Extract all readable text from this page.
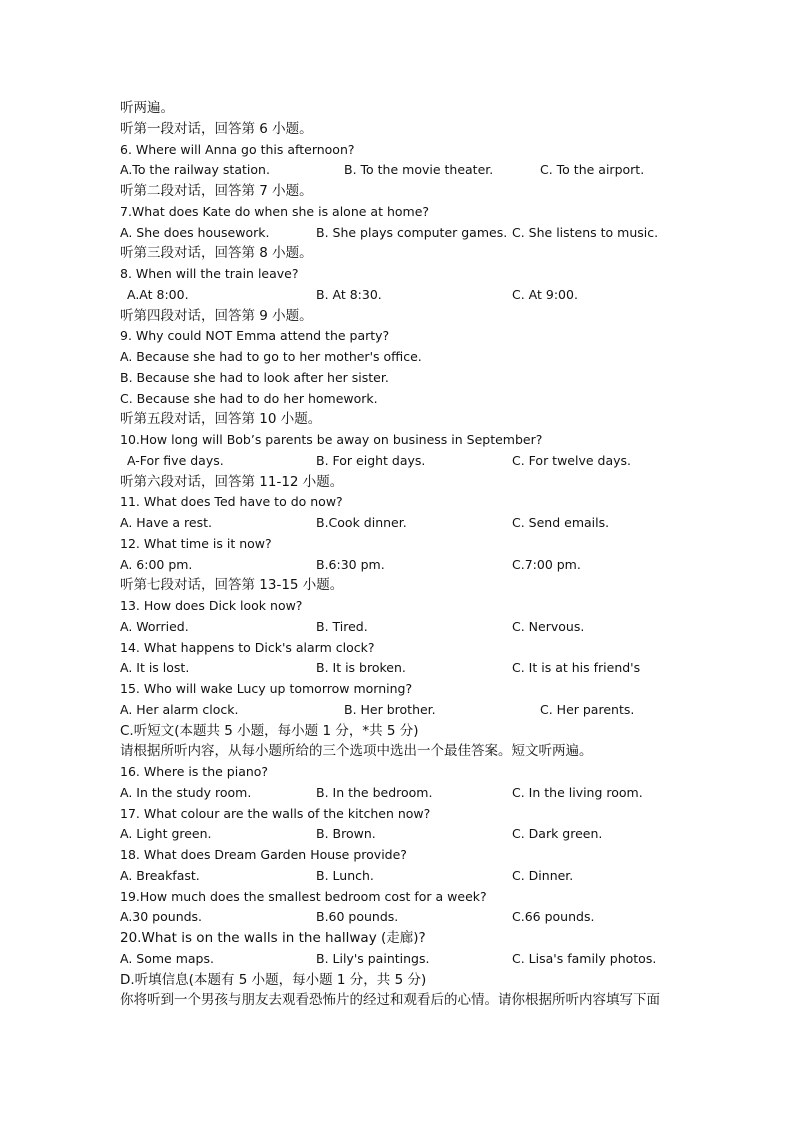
听两遍。
听第一段对话，回答第 6 小题。
6. Where will Anna go this afternoon?
A.To the railway station.	B. To the movie theater.	C. To the airport.
听第二段对话，回答第 7 小题。
7.What does Kate do when she is alone at home?
A. She does housework.	B. She plays computer games. C. She listens to music.
听第三段对话，回答第 8 小题。
8. When will the train leave?
A.At 8:00.	B. At 8:30.	C. At 9:00.
听第四段对话，回答第 9 小题。
9. Why could NOT Emma attend the party?
A. Because she had to go to her mother's office.
B. Because she had to look after her sister.
C. Because she had to do her homework.
听第五段对话，回答第 10 小题。
10.How long will Bob’s parents be away on business in September?
A-For five days.	B. For eight days.	C. For twelve days.
听第六段对话，回答第 11-12 小题。
11. What does Ted have to do now?
A. Have a rest.	B.Cook dinner.	C. Send emails.
12. What time is it now?
A. 6:00 pm.	B.6:30 pm.	C.7:00 pm.
听第七段对话，回答第 13-15 小题。
13. How does Dick look now?
A. Worried.	B. Tired.	C. Nervous.
14. What happens to Dick's alarm clock?
A. It is lost.	B. It is broken.	C. It is at his friend's
15. Who will wake Lucy up tomorrow morning?
A. Her alarm clock.	B. Her brother.	C. Her parents.
C.听短文(本题共 5 小题，每小题 1 分，*共 5 分)
请根据所听内容，从每小题所给的三个选项中选出一个最佳答案。短文听两遍。
16. Where is the piano?
A. In the study room.	B. In the bedroom.	C. In the living room.
17. What colour are the walls of the kitchen now?
A. Light green.	B. Brown.	C. Dark green.
18. What does Dream Garden House provide?
A. Breakfast.	B. Lunch.	C. Dinner.
19.How much does the smallest bedroom cost for a week?
A.30 pounds.	B.60 pounds.	C.66 pounds.
20.What is on the walls in the hallway (走廊)?
A. Some maps.	B. Lily's paintings.	C. Lisa's family photos.
D.听填信息(本题有 5 小题，每小题 1 分，共 5 分)
你将听到一个男孩与朋友去观看恐怖片的经过和观看后的心情。请你根据所听内容填写下面
